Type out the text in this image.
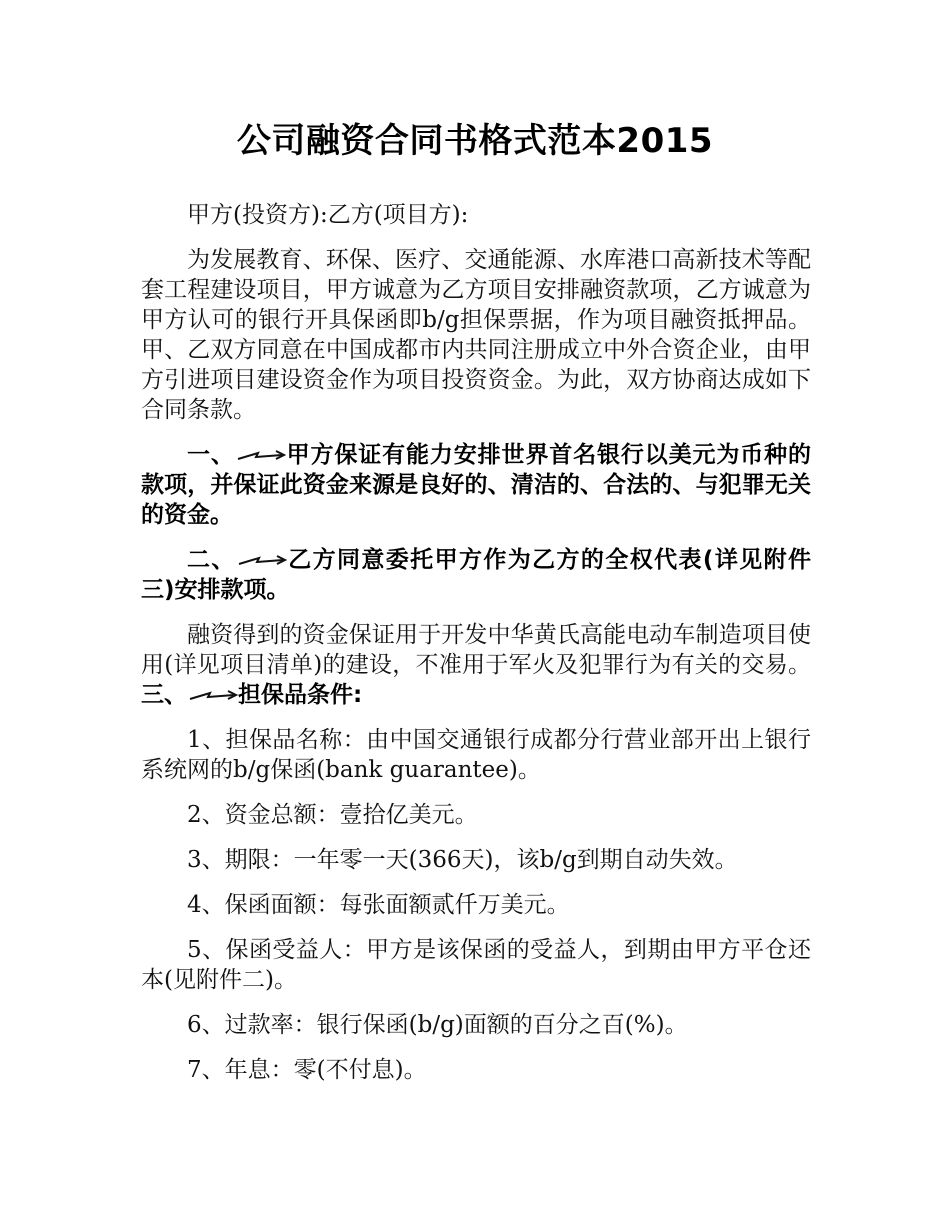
公司融资合同书格式范本2015

甲方(投资方):乙方(项目方):

为发展教育、环保、医疗、交通能源、水库港口高新技术等配套工程建设项目，甲方诚意为乙方项目安排融资款项，乙方诚意为甲方认可的银行开具保函即b/g担保票据，作为项目融资抵押品。甲、乙双方同意在中国成都市内共同注册成立中外合资企业，由甲方引进项目建设资金作为项目投资资金。为此，双方协商达成如下合同条款。

一、 甲方保证有能力安排世界首名银行以美元为币种的款项，并保证此资金来源是良好的、清洁的、合法的、与犯罪无关的资金。

二、 乙方同意委托甲方作为乙方的全权代表(详见附件三)安排款项。

融资得到的资金保证用于开发中华黄氏高能电动车制造项目使用(详见项目清单)的建设，不准用于军火及犯罪行为有关的交易。三、 担保品条件:

1、担保品名称：由中国交通银行成都分行营业部开出上银行系统网的b/g保函(bank guarantee)。

2、资金总额：壹拾亿美元。

3、期限：一年零一天(366天)，该b/g到期自动失效。

4、保函面额：每张面额贰仟万美元。

5、保函受益人：甲方是该保函的受益人，到期由甲方平仓还本(见附件二)。

6、过款率：银行保函(b/g)面额的百分之百(%)。

7、年息：零(不付息)。
